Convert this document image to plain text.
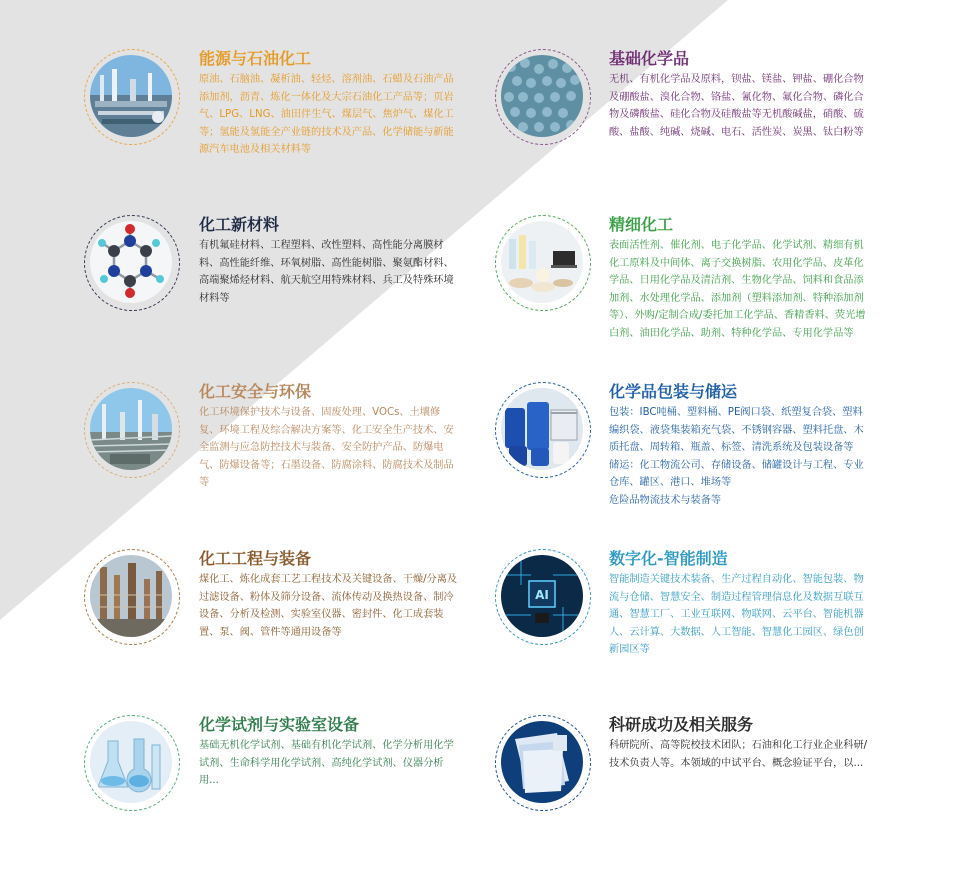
能源与石油化工

原油、石脑油、凝析油、轻烃、溶剂油、石蜡及石油产品添加剂，沥青、炼化一体化及大宗石油化工产品等；页岩气、LPG、LNG、油田伴生气、煤层气、焦炉气、煤化工等；氢能及氢能全产业链的技术及产品、化学储能与新能源汽车电池及相关材料等

基础化学品

无机、有机化学品及原料，钡盐、镁盐、钾盐、硼化合物及硼酸盐、溴化合物、铬盐、氰化物、氟化合物、磷化合物及磷酸盐、硅化合物及硅酸盐等无机酸碱盐，硝酸、硫酸、盐酸、纯碱、烧碱、电石、活性炭、炭黑、钛白粉等

化工新材料

有机氟硅材料、工程塑料、改性塑料、高性能分离膜材料、高性能纤维、环氧树脂、高性能树脂、聚氨酯材料、高端聚烯烃材料、航天航空用特殊材料、兵工及特殊环境材料等

精细化工

表面活性剂、催化剂、电子化学品、化学试剂、精细有机化工原料及中间体、离子交换树脂、农用化学品、皮革化学品、日用化学品及清洁剂、生物化学品、饲料和食品添加剂、水处理化学品、添加剂（塑料添加剂、特种添加剂等）、外购/定制合成/委托加工化学品、香精香料、荧光增白剂、油田化学品、助剂、特种化学品、专用化学品等

化工安全与环保

化工环境保护技术与设备、固废处理、VOCs、土壤修复、环境工程及综合解决方案等、化工安全生产技术、安全监测与应急防控技术与装备、安全防护产品、防爆电气、防爆设备等；石墨设备、防腐涂料、防腐技术及制品等

化学品包装与储运

包装：IBC吨桶、塑料桶、PE阀口袋、纸塑复合袋、塑料编织袋、液袋集装箱充气袋、不锈钢容器、塑料托盘、木质托盘、周转箱、瓶盖、标签、清洗系统及包装设备等

储运：化工物流公司、存储设备、储罐设计与工程、专业仓库、罐区、港口、堆场等

危险品物流技术与装备等

化工工程与装备

煤化工、炼化成套工艺工程技术及关键设备、干燥/分离及过滤设备、粉体及筛分设备、流体传动及换热设备、制冷设备、分析及检测、实验室仪器、密封件、化工成套装置、泵、阀、管件等通用设备等

AI
数字化-智能制造

智能制造关键技术装备、生产过程自动化、智能包装、物流与仓储、智慧安全、制造过程管理信息化及数据互联互通、智慧工厂、工业互联网、物联网、云平台、智能机器人、云计算、大数据、人工智能、智慧化工园区、绿色创新园区等

化学试剂与实验室设备

基础无机化学试剂、基础有机化学试剂、化学分析用化学试剂、生命科学用化学试剂、高纯化学试剂、仪器分析用...

科研成功及相关服务

科研院所、高等院校技术团队；石油和化工行业企业科研/技术负责人等。本领域的中试平台、概念验证平台，以...
